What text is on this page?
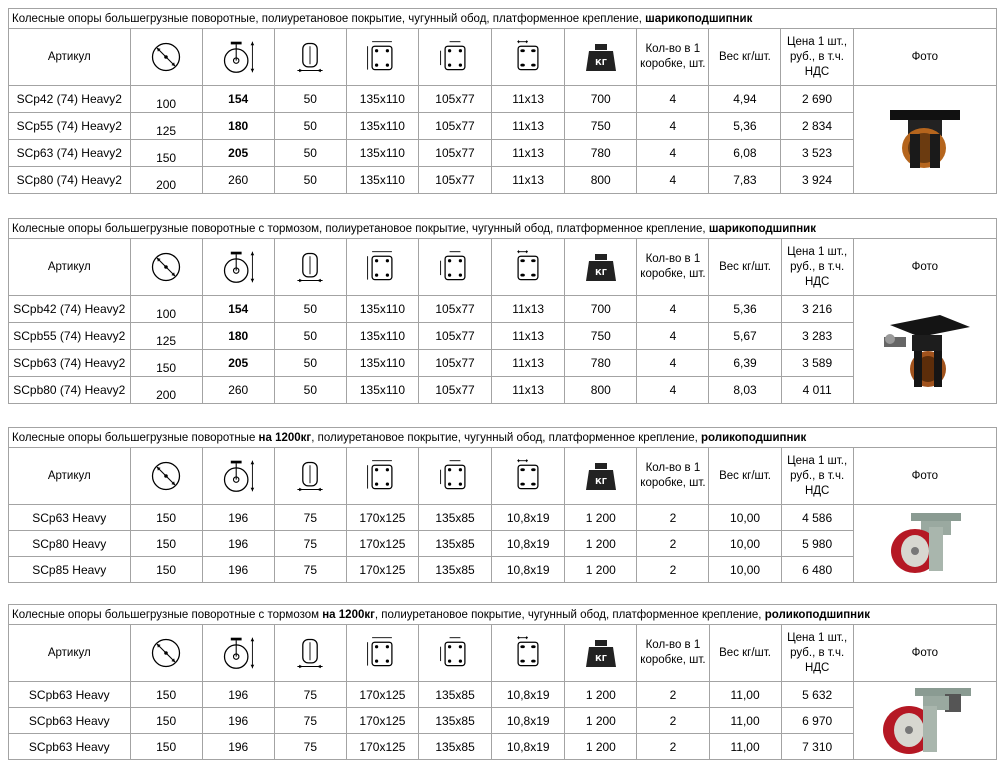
Колесные опоры большегрузные поворотные, полиуретановое покрытие, чугунный обод, платформенное крепление, шарикоподшипник											
Артикул							КГ	Кол-во в 1 коробке, шт.	Вес кг/шт.	Цена 1 шт., руб., в т.ч. НДС	Фото
SCp42 (74) Heavy2	100	154	50	135x110	105x77	11x13	700	4	4,94	2 690	

SCp55 (74) Heavy2	125	180	50	135x110	105x77	11x13	750	4	5,36	2 834	
SCp63 (74) Heavy2	150	205	50	135x110	105x77	11x13	780	4	6,08	3 523	
SCp80 (74) Heavy2	200	260	50	135x110	105x77	11x13	800	4	7,83	3 924	
Колесные опоры большегрузные поворотные с тормозом, полиуретановое покрытие, чугунный обод, платформенное крепление, шарикоподшипник											
Артикул							КГ	Кол-во в 1 коробке, шт.	Вес кг/шт.	Цена 1 шт., руб., в т.ч. НДС	Фото
SCpb42 (74) Heavy2	100	154	50	135x110	105x77	11x13	700	4	5,36	3 216	

SCpb55 (74) Heavy2	125	180	50	135x110	105x77	11x13	750	4	5,67	3 283	
SCpb63 (74) Heavy2	150	205	50	135x110	105x77	11x13	780	4	6,39	3 589	
SCpb80 (74) Heavy2	200	260	50	135x110	105x77	11x13	800	4	8,03	4 011	
Колесные опоры большегрузные поворотные на 1200кг, полиуретановое покрытие, чугунный обод, платформенное крепление, роликоподшипник											
Артикул							КГ	Кол-во в 1 коробке, шт.	Вес кг/шт.	Цена 1 шт., руб., в т.ч. НДС	Фото
SCp63 Heavy	150	196	75	170x125	135x85	10,8x19	1 200	2	10,00	4 586	

SCp80 Heavy	150	196	75	170x125	135x85	10,8x19	1 200	2	10,00	5 980	
SCp85 Heavy	150	196	75	170x125	135x85	10,8x19	1 200	2	10,00	6 480	
Колесные опоры большегрузные поворотные с тормозом на 1200кг, полиуретановое покрытие, чугунный обод, платформенное крепление, роликоподшипник											
Артикул							КГ	Кол-во в 1 коробке, шт.	Вес кг/шт.	Цена 1 шт., руб., в т.ч. НДС	Фото
SCpb63 Heavy	150	196	75	170x125	135x85	10,8x19	1 200	2	11,00	5 632	

SCpb63 Heavy	150	196	75	170x125	135x85	10,8x19	1 200	2	11,00	6 970	
SCpb63 Heavy	150	196	75	170x125	135x85	10,8x19	1 200	2	11,00	7 310	
